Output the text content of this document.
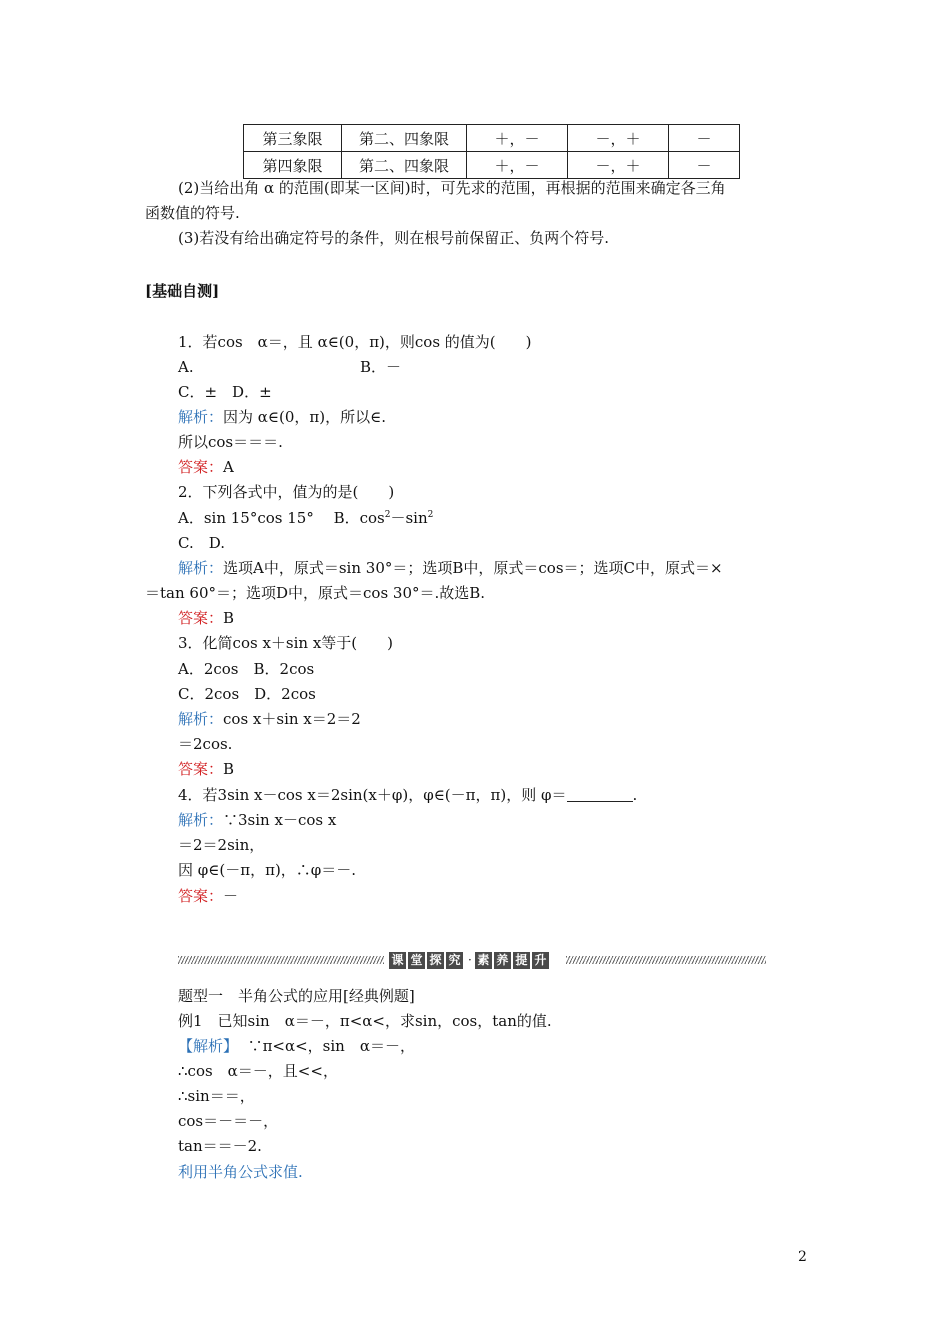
第三象限	第二、四象限	＋，－	－，＋	－
第四象限	第二、四象限	＋，－	－，＋	－
(2)当给出角 α 的范围(即某一区间)时，可先求的范围，再根据的范围来确定各三角
函数值的符号.
(3)若没有给出确定符号的条件，则在根号前保留正、负两个符号.
[基础自测]
1．若cos　α＝，且 α∈(0，π)，则cos 的值为(　　)
A.	B．－
C．±　D．±
解析：因为 α∈(0，π)，所以∈.
所以cos＝＝＝.
答案：A
2．下列各式中，值为的是(　　)
A．sin 15°cos 15°　 B．$\cos^2-\sin^2$
C.　D.
解析：选项A中，原式＝sin 30°＝；选项B中，原式＝cos＝；选项C中，原式＝×
＝tan 60°＝；选项D中，原式＝cos 30°＝.故选B.
答案：B
3．化简cos x＋sin x等于(　　)
A．2cos　B．2cos
C．2cos　D．2cos
解析：cos x＋sin x＝2＝2
＝2cos.
答案：B
4．若3sin x－cos x＝2sin(x＋φ)，φ∈(－π，π)，则 φ＝	.
解析：∵3sin x－cos x
＝2＝2sin，
因 φ∈(－π，π)，∴φ＝－.
答案：－
课 堂 探 究 · 素 养 提 升
题型一　半角公式的应用[经典例题]
例1　已知sin　α＝－，π<α<，求sin，cos，tan的值.
【解析】 ∵π<α<，sin　α＝－，
∴cos　α＝－，且<<，
∴sin＝＝，
cos＝－＝－，
tan＝＝－2.
利用半角公式求值.
2
